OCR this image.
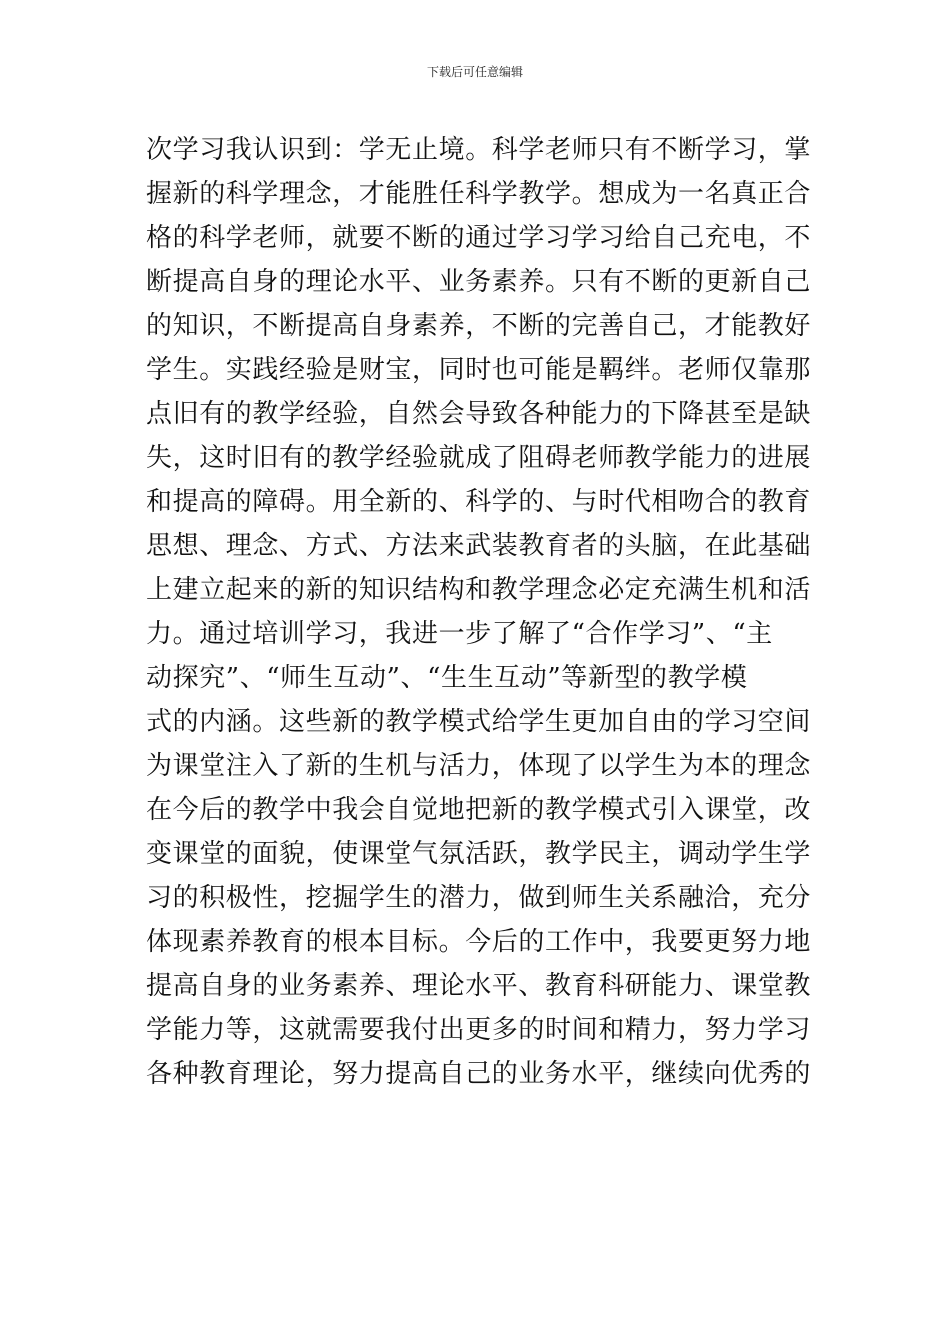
下载后可任意编辑
次学习我认识到：学无止境。科学老师只有不断学习，掌
握新的科学理念，才能胜任科学教学。想成为一名真正合
格的科学老师，就要不断的通过学习学习给自己充电，不
断提高自身的理论水平、业务素养。只有不断的更新自己
的知识，不断提高自身素养，不断的完善自己，才能教好
学生。实践经验是财宝，同时也可能是羁绊。老师仅靠那
点旧有的教学经验，自然会导致各种能力的下降甚至是缺
失，这时旧有的教学经验就成了阻碍老师教学能力的进展
和提高的障碍。用全新的、科学的、与时代相吻合的教育
思想、理念、方式、方法来武装教育者的头脑，在此基础
上建立起来的新的知识结构和教学理念必定充满生机和活
力。通过培训学习，我进一步了解了“合作学习”、“主
动探究”、“师生互动”、“生生互动”等新型的教学模
式的内涵。这些新的教学模式给学生更加自由的学习空间
为课堂注入了新的生机与活力，体现了以学生为本的理念
在今后的教学中我会自觉地把新的教学模式引入课堂，改
变课堂的面貌，使课堂气氛活跃，教学民主，调动学生学
习的积极性，挖掘学生的潜力，做到师生关系融洽，充分
体现素养教育的根本目标。今后的工作中，我要更努力地
提高自身的业务素养、理论水平、教育科研能力、课堂教
学能力等，这就需要我付出更多的时间和精力，努力学习
各种教育理论，努力提高自己的业务水平，继续向优秀的
